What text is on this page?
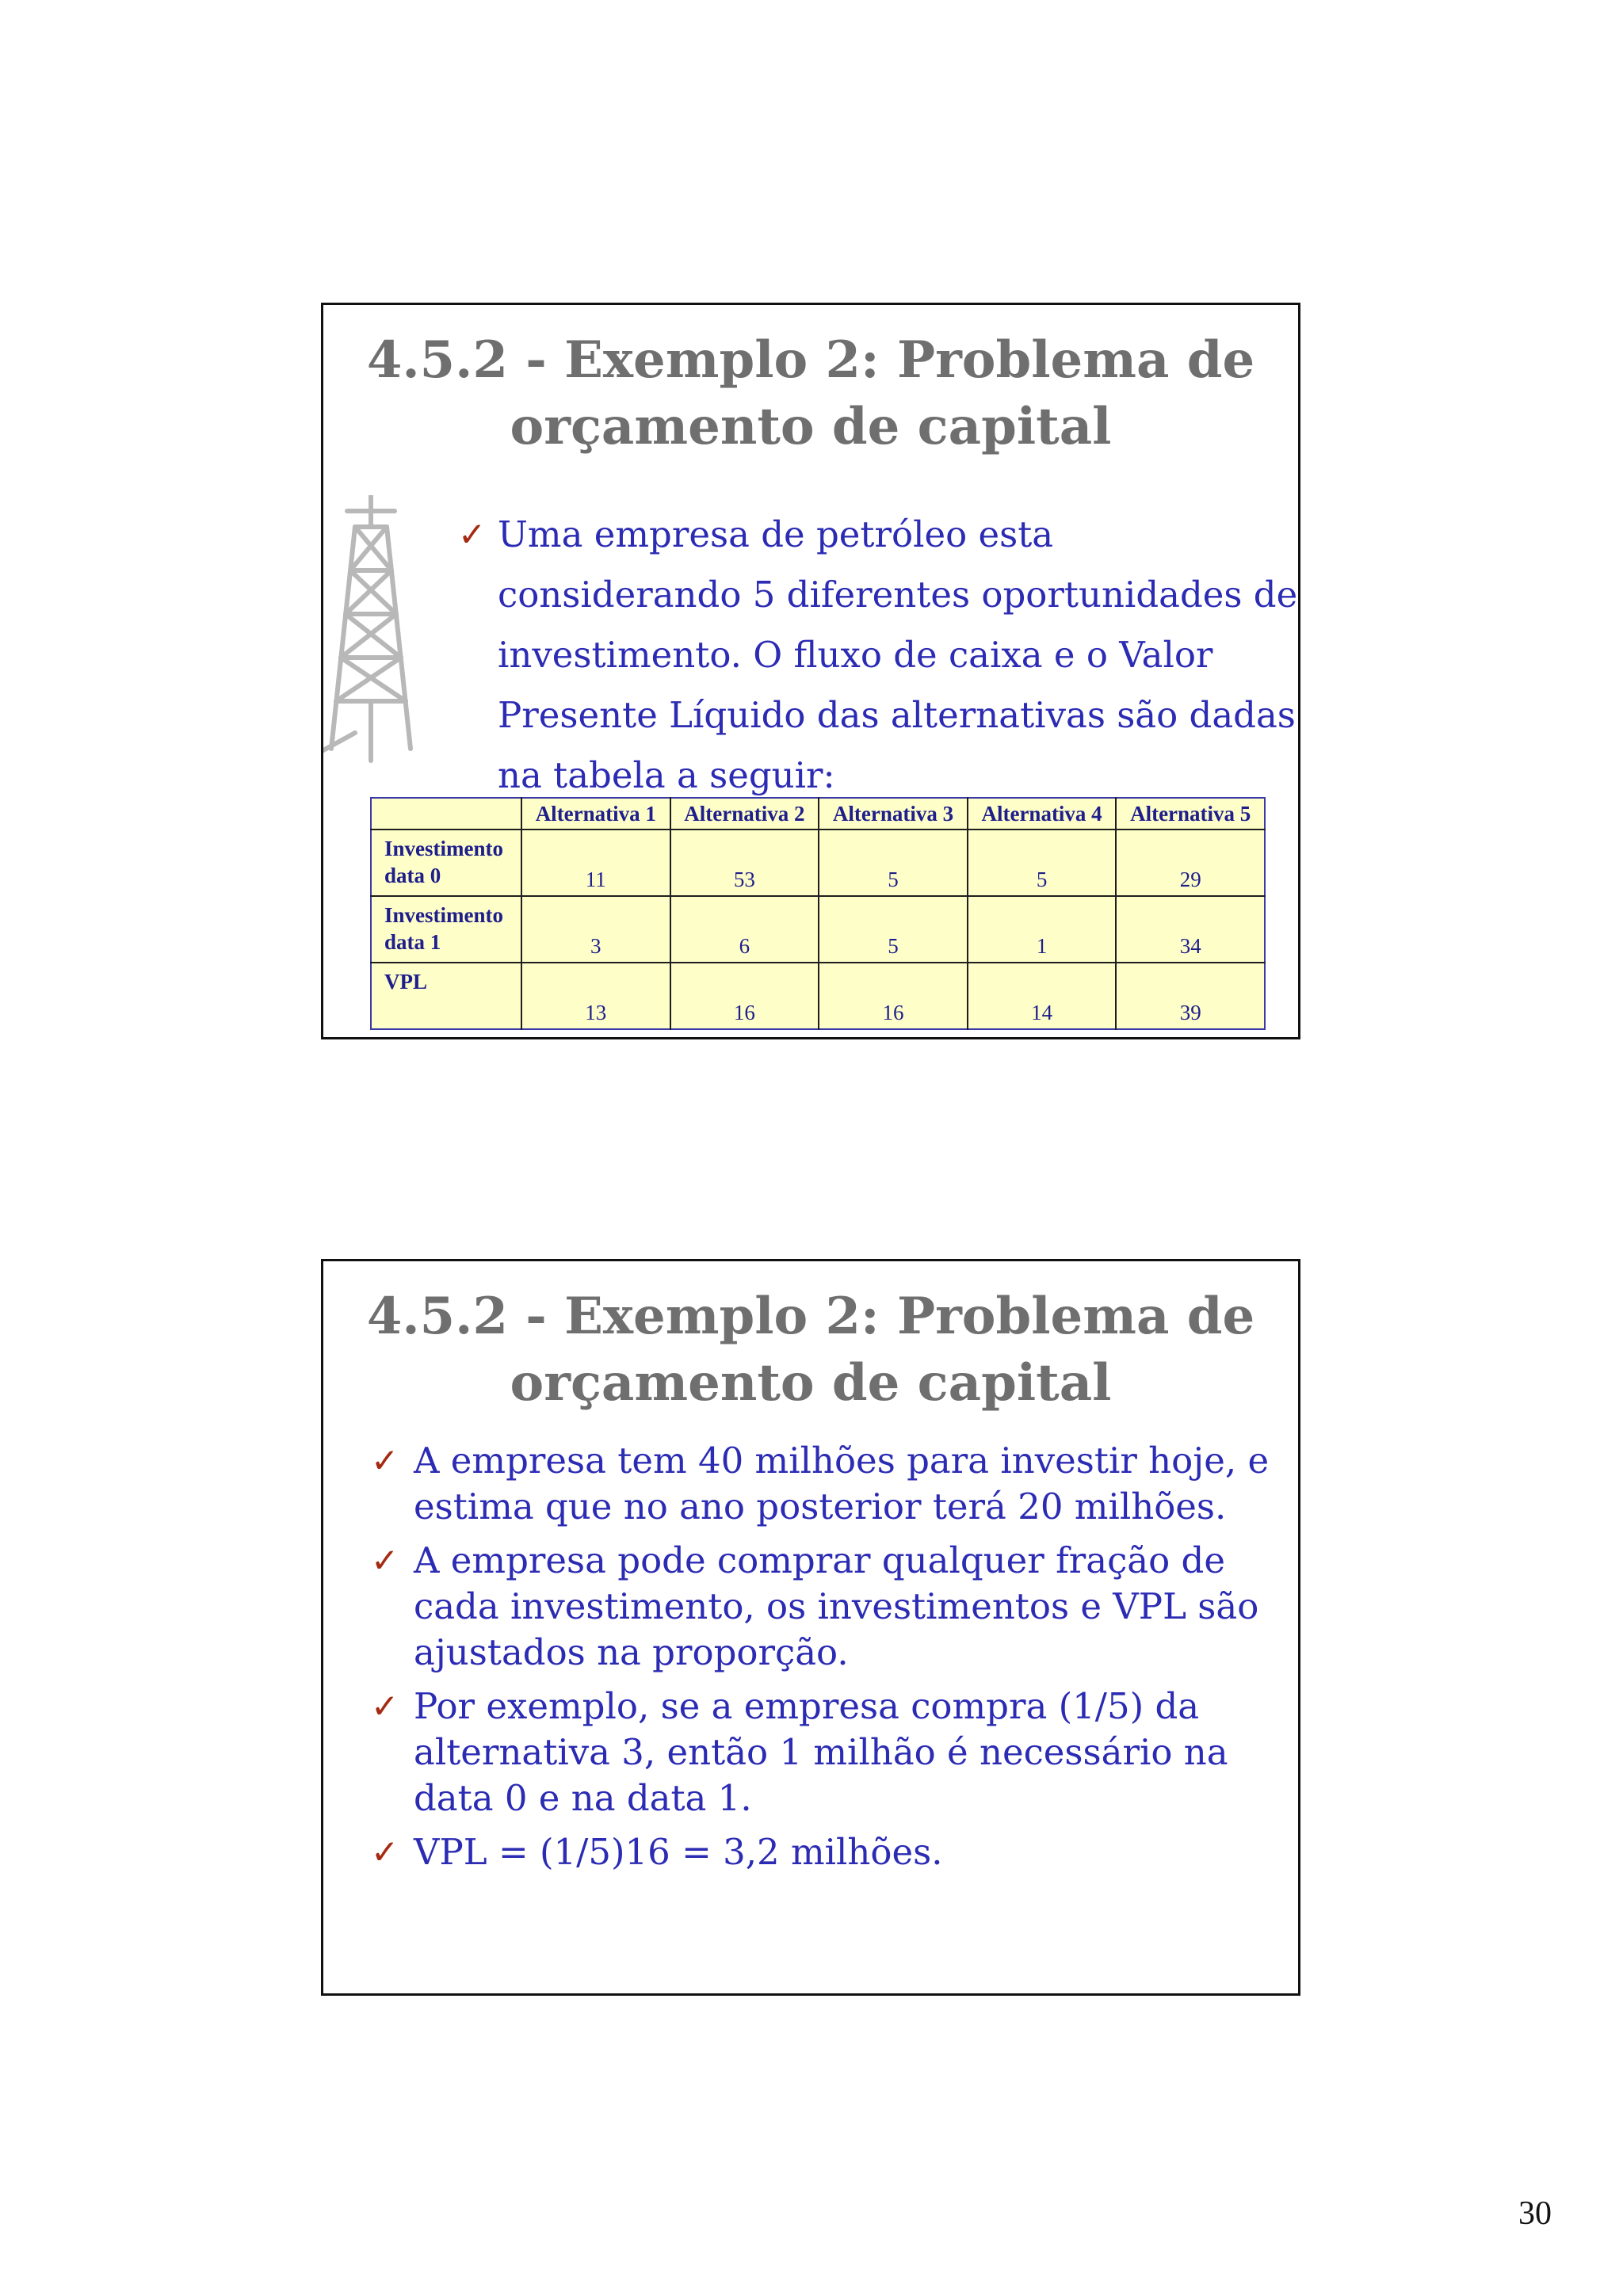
4.5.2 - Exemplo 2: Problema de
orçamento de capital
✓ Uma empresa de petróleo esta considerando 5 diferentes oportunidades de investimento. O fluxo de caixa e o Valor Presente Líquido das alternativas são dadas na tabela a seguir:
	Alternativa 1	Alternativa 2	Alternativa 3	Alternativa 4	Alternativa 5
Investimento
data 0	11	53	5	5	29
Investimento
data 1	3	6	5	1	34
VPL	13	16	16	14	39
4.5.2 - Exemplo 2: Problema de
orçamento de capital
✓ A empresa tem 40 milhões para investir hoje, e estima que no ano posterior terá 20 milhões.
✓ A empresa pode comprar qualquer fração de cada investimento, os investimentos e VPL são ajustados na proporção.
✓ Por exemplo, se a empresa compra (1/5) da alternativa 3, então 1 milhão é necessário na data 0 e na data 1.
✓ VPL = (1/5)16 = 3,2 milhões.
30
